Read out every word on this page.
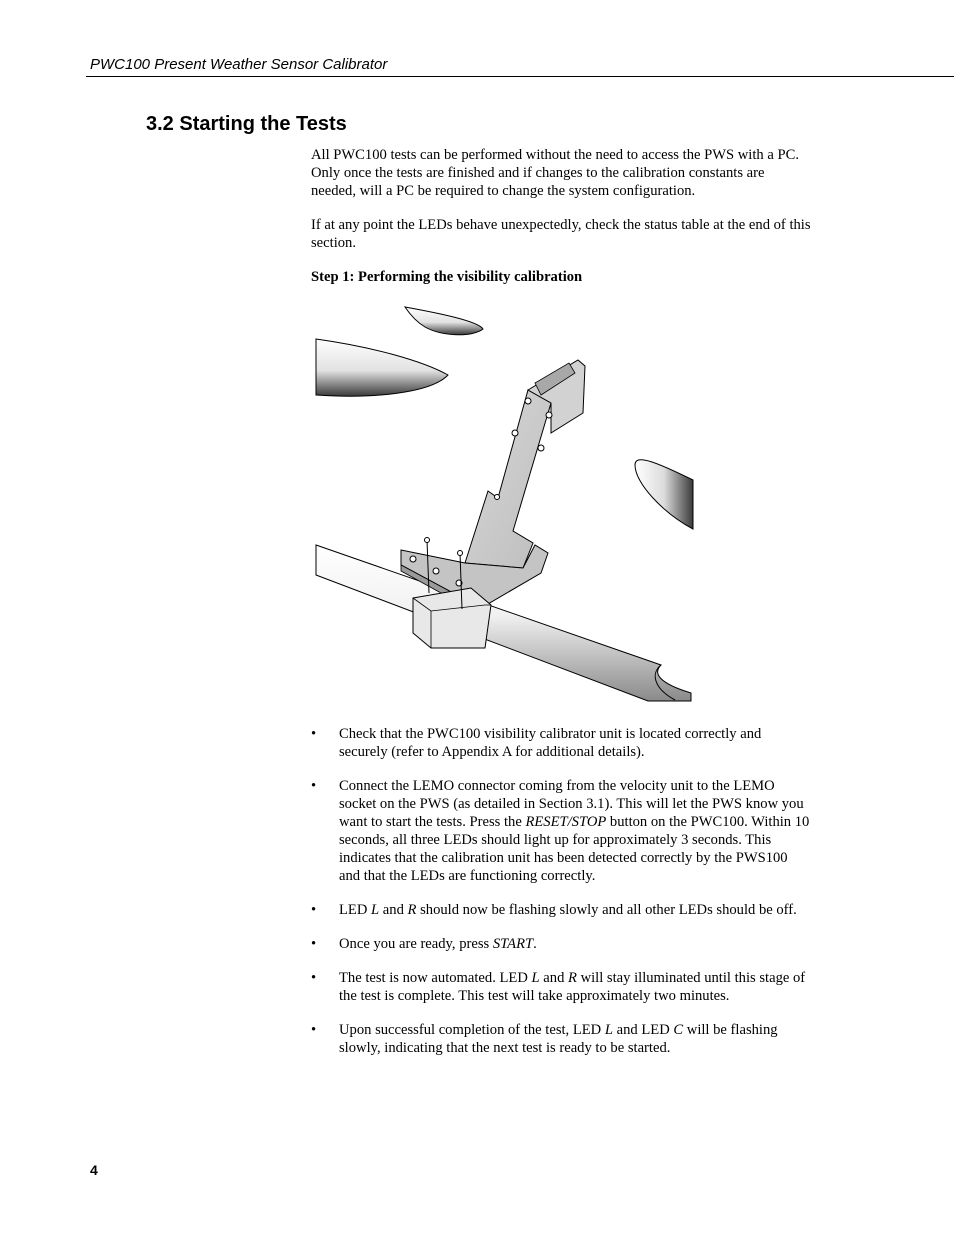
PWC100 Present Weather Sensor Calibrator
3.2 Starting the Tests
All PWC100 tests can be performed without the need to access the PWS with a PC. Only once the tests are finished and if changes to the calibration constants are needed, will a PC be required to change the system configuration.
If at any point the LEDs behave unexpectedly, check the status table at the end of this section.
Step 1: Performing the visibility calibration
• Check that the PWC100 visibility calibrator unit is located correctly and securely (refer to Appendix A for additional details).
• Connect the LEMO connector coming from the velocity unit to the LEMO socket on the PWS (as detailed in Section 3.1). This will let the PWS know you want to start the tests. Press the RESET/STOP button on the PWC100. Within 10 seconds, all three LEDs should light up for approximately 3 seconds. This indicates that the calibration unit has been detected correctly by the PWS100 and that the LEDs are functioning correctly.
• LED L and R should now be flashing slowly and all other LEDs should be off.
• Once you are ready, press START.
• The test is now automated. LED L and R will stay illuminated until this stage of the test is complete. This test will take approximately two minutes.
• Upon successful completion of the test, LED L and LED C will be flashing slowly, indicating that the next test is ready to be started.
4
